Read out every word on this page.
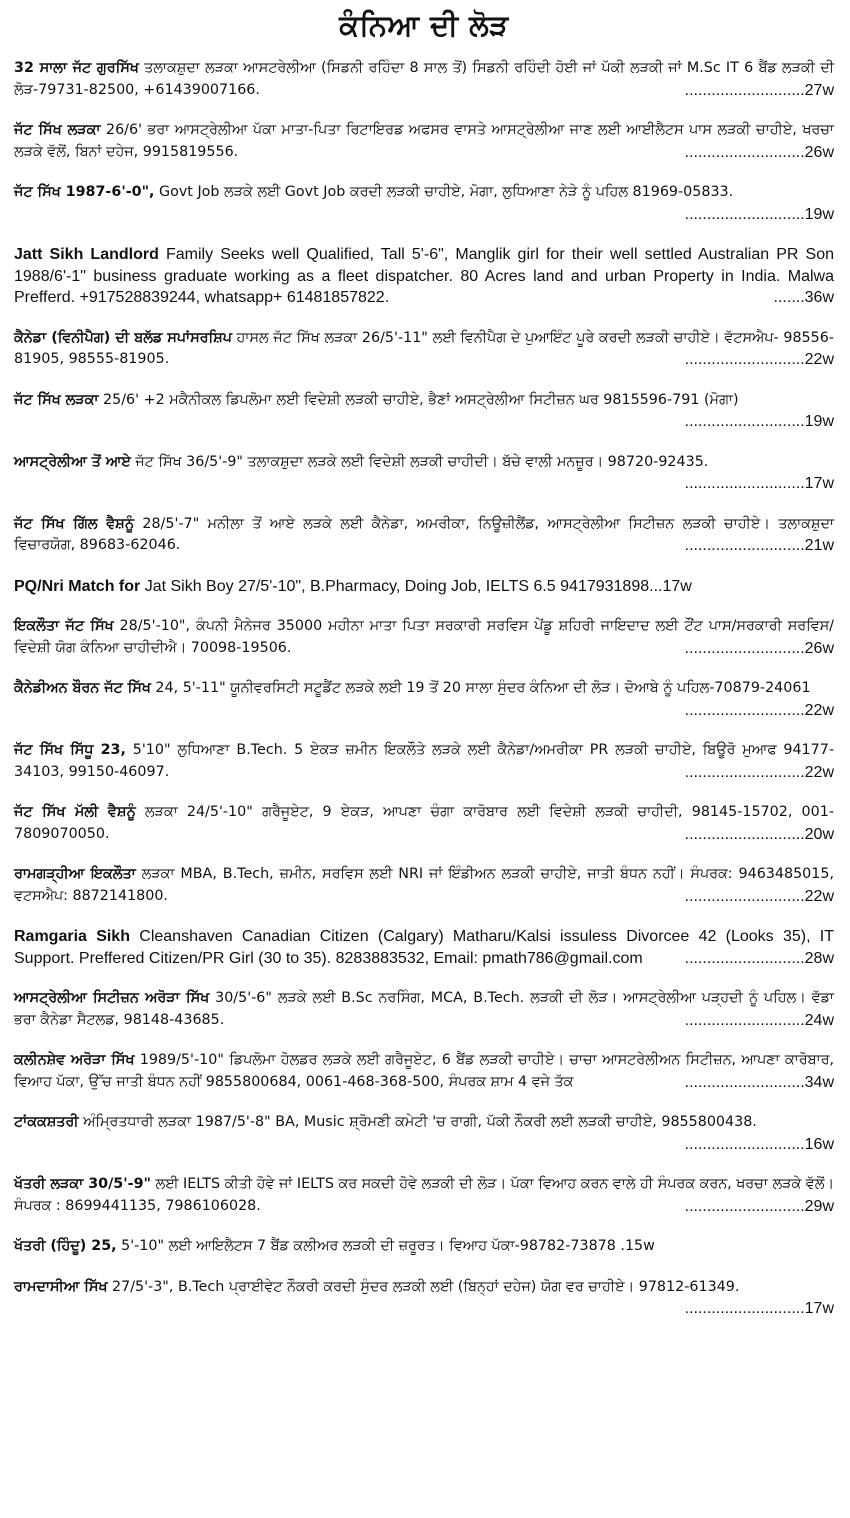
ਕੰਨਿਆ ਦੀ ਲੋੜ
32 ਸਾਲਾ ਜੱਟ ਗੁਰਸਿੱਖ ਤਲਾਕਸ਼ੁਦਾ ਲੜਕਾ ਆਸਟਰੇਲੀਆ (ਸਿਡਨੀ ਰਹਿੰਦਾ 8 ਸਾਲ ਤੋਂ) ਸਿਡਨੀ ਰਹਿੰਦੀ ਹੋਈ ਜਾਂ ਪੱਕੀ ਲੜਕੀ ਜਾਂ M.Sc IT 6 ਬੈਂਡ ਲੜਕੀ ਦੀ ਲੋੜ-79731-82500, +61439007166.	...........................27w
ਜੱਟ ਸਿੱਖ ਲੜਕਾ 26/6' ਭਰਾ ਆਸਟ੍ਰੇਲੀਆ ਪੱਕਾ ਮਾਤਾ-ਪਿਤਾ ਰਿਟਾਇਰਡ ਅਫਸਰ ਵਾਸਤੇ ਆਸਟ੍ਰੇਲੀਆ ਜਾਣ ਲਈ ਆਈਲੈਟਸ ਪਾਸ ਲੜਕੀ ਚਾਹੀਏ, ਖਰਚਾ ਲੜਕੇ ਵੱਲੋਂ, ਬਿਨਾਂ ਦਹੇਜ, 9915819556.	...........................26w
ਜੱਟ ਸਿੱਖ 1987-6'-0", Govt Job ਲੜਕੇ ਲਈ Govt Job ਕਰਦੀ ਲੜਕੀ ਚਾਹੀਏ, ਮੋਗਾ, ਲੁਧਿਆਣਾ ਨੇੜੇ ਨੂੰ ਪਹਿਲ 81969-05833.
...........................19w
Jatt Sikh Landlord Family Seeks well Qualified, Tall 5'-6", Manglik girl for their well settled Australian PR Son 1988/6'-1" business graduate working as a fleet dispatcher. 80 Acres land and urban Property in India. Malwa Prefferd. +917528839244, whatsapp+ 61481857822.	.......36w
ਕੈਨੇਡਾ (ਵਿਨੀਪੈਗ) ਦੀ ਬਲੱਡ ਸਪਾਂਸਰਸ਼ਿਪ ਹਾਸਲ ਜੱਟ ਸਿੱਖ ਲੜਕਾ 26/5'-11" ਲਈ ਵਿਨੀਪੈਗ ਦੇ ਪੁਆਇੰਟ ਪੂਰੇ ਕਰਦੀ ਲੜਕੀ ਚਾਹੀਏ। ਵੱਟਸਐਪ- 98556-81905, 98555-81905.	...........................22w
ਜੱਟ ਸਿੱਖ ਲੜਕਾ 25/6' +2 ਮਕੈਨੀਕਲ ਡਿਪਲੋਮਾ ਲਈ ਵਿਦੇਸ਼ੀ ਲੜਕੀ ਚਾਹੀਏ, ਭੈਣਾਂ ਅਸਟ੍ਰੇਲੀਆ ਸਿਟੀਜ਼ਨ ਘਰ 9815596-791 (ਮੋਗਾ)
...........................19w
ਆਸਟ੍ਰੇਲੀਆ ਤੋਂ ਆਏ ਜੱਟ ਸਿੱਖ 36/5'-9" ਤਲਾਕਸ਼ੁਦਾ ਲੜਕੇ ਲਈ ਵਿਦੇਸ਼ੀ ਲੜਕੀ ਚਾਹੀਦੀ। ਬੱਚੇ ਵਾਲੀ ਮਨਜ਼ੂਰ। 98720-92435.
...........................17w
ਜੱਟ ਸਿੱਖ ਗਿੱਲ ਵੈਸ਼ਨੂੰ 28/5'-7" ਮਨੀਲਾ ਤੋਂ ਆਏ ਲੜਕੇ ਲਈ ਕੈਨੇਡਾ, ਅਮਰੀਕਾ, ਨਿਊਜ਼ੀਲੈਂਡ, ਆਸਟ੍ਰੇਲੀਆ ਸਿਟੀਜ਼ਨ ਲੜਕੀ ਚਾਹੀਏ। ਤਲਾਕਸ਼ੁਦਾ ਵਿਚਾਰਯੋਗ, 89683-62046.	...........................21w
PQ/Nri Match for Jat Sikh Boy 27/5'-10", B.Pharmacy, Doing Job, IELTS 6.5 9417931898...17w
ਇਕਲੌਤਾ ਜੱਟ ਸਿੱਖ 28/5'-10", ਕੰਪਨੀ ਮੈਨੇਜਰ 35000 ਮਹੀਨਾ ਮਾਤਾ ਪਿਤਾ ਸਰਕਾਰੀ ਸਰਵਿਸ ਪੇਂਡੂ ਸ਼ਹਿਰੀ ਜਾਇਦਾਦ ਲਈ ਟੌਂਟ ਪਾਸ/ਸਰਕਾਰੀ ਸਰਵਿਸ/ਵਿਦੇਸ਼ੀ ਯੋਗ ਕੰਨਿਆ ਚਾਹੀਦੀਐ। 70098-19506.	...........................26w
ਕੈਨੇਡੀਅਨ ਬੌਰਨ ਜੱਟ ਸਿੱਖ 24, 5'-11" ਯੂਨੀਵਰਸਿਟੀ ਸਟੂਡੈਂਟ ਲੜਕੇ ਲਈ 19 ਤੋਂ 20 ਸਾਲਾ ਸੁੰਦਰ ਕੰਨਿਆ ਦੀ ਲੋੜ। ਦੋਆਬੇ ਨੂੰ ਪਹਿਲ-70879-24061
...........................22w
ਜੱਟ ਸਿੱਖ ਸਿੱਧੂ 23, 5'10" ਲੁਧਿਆਣਾ B.Tech. 5 ਏਕੜ ਜ਼ਮੀਨ ਇਕਲੌਤੇ ਲੜਕੇ ਲਈ ਕੈਨੇਡਾ/ਅਮਰੀਕਾ PR ਲੜਕੀ ਚਾਹੀਏ, ਬਿਊਰੋ ਮੁਆਫ 94177-34103, 99150-46097.	...........................22w
ਜੱਟ ਸਿੱਖ ਮੱਲੀ ਵੈਸ਼ਨੂੰ ਲੜਕਾ 24/5'-10" ਗਰੈਜੂਏਟ, 9 ਏਕੜ, ਆਪਣਾ ਚੰਗਾ ਕਾਰੋਬਾਰ ਲਈ ਵਿਦੇਸ਼ੀ ਲੜਕੀ ਚਾਹੀਦੀ, 98145-15702, 001-7809070050.	...........................20w
ਰਾਮਗੜ੍ਹੀਆ ਇਕਲੌਤਾ ਲੜਕਾ MBA, B.Tech, ਜ਼ਮੀਨ, ਸਰਵਿਸ ਲਈ NRI ਜਾਂ ਇੰਡੀਅਨ ਲੜਕੀ ਚਾਹੀਏ, ਜਾਤੀ ਬੰਧਨ ਨਹੀਂ। ਸੰਪਰਕ: 9463485015, ਵਟਸਐਪ: 8872141800.	...........................22w
Ramgaria Sikh Cleanshaven Canadian Citizen (Calgary) Matharu/Kalsi issuless Divorcee 42 (Looks 35), IT Support. Preffered Citizen/PR Girl (30 to 35). 8283883532, Email: pmath786@gmail.com	...........................28w
ਆਸਟ੍ਰੇਲੀਆ ਸਿਟੀਜ਼ਨ ਅਰੋੜਾ ਸਿੱਖ 30/5'-6" ਲੜਕੇ ਲਈ B.Sc ਨਰਸਿੰਗ, MCA, B.Tech. ਲੜਕੀ ਦੀ ਲੋੜ। ਆਸਟ੍ਰੇਲੀਆ ਪੜ੍ਹਦੀ ਨੂੰ ਪਹਿਲ। ਵੱਡਾ ਭਰਾ ਕੈਨੇਡਾ ਸੈਟਲਡ, 98148-43685.	...........................24w
ਕਲੀਨਸ਼ੇਵ ਅਰੋੜਾ ਸਿੱਖ 1989/5'-10" ਡਿਪਲੋਮਾ ਹੋਲਡਰ ਲੜਕੇ ਲਈ ਗਰੈਜੂਏਟ, 6 ਬੈਂਡ ਲੜਕੀ ਚਾਹੀਏ। ਚਾਚਾ ਆਸਟਰੇਲੀਅਨ ਸਿਟੀਜ਼ਨ, ਆਪਣਾ ਕਾਰੋਬਾਰ, ਵਿਆਹ ਪੱਕਾ, ਉੱਚ ਜਾਤੀ ਬੰਧਨ ਨਹੀਂ 9855800684, 0061-468-368-500, ਸੰਪਰਕ ਸ਼ਾਮ 4 ਵਜੇ ਤੱਕ	...........................34w
ਟਾਂਕਕਸ਼ਤਰੀ ਅੰਮ੍ਰਿਤਧਾਰੀ ਲੜਕਾ 1987/5'-8" BA, Music ਸ਼੍ਰੋਮਣੀ ਕਮੇਟੀ 'ਚ ਰਾਗੀ, ਪੱਕੀ ਨੌਕਰੀ ਲਈ ਲੜਕੀ ਚਾਹੀਏ, 9855800438.
...........................16w
ਖੱਤਰੀ ਲੜਕਾ 30/5'-9" ਲਈ IELTS ਕੀਤੀ ਹੋਵੇ ਜਾਂ IELTS ਕਰ ਸਕਦੀ ਹੋਵੇ ਲੜਕੀ ਦੀ ਲੋੜ। ਪੱਕਾ ਵਿਆਹ ਕਰਨ ਵਾਲੇ ਹੀ ਸੰਪਰਕ ਕਰਨ, ਖਰਚਾ ਲੜਕੇ ਵੱਲੋਂ। ਸੰਪਰਕ : 8699441135, 7986106028.	...........................29w
ਖੱਤਰੀ (ਹਿੰਦੂ) 25, 5'-10" ਲਈ ਆਇਲੈਟਸ 7 ਬੈਂਡ ਕਲੀਅਰ ਲੜਕੀ ਦੀ ਜ਼ਰੂਰਤ। ਵਿਆਹ ਪੱਕਾ-98782-73878 .15w
ਰਾਮਦਾਸੀਆ ਸਿੱਖ 27/5'-3", B.Tech ਪ੍ਰਾਈਵੇਟ ਨੌਕਰੀ ਕਰਦੀ ਸੁੰਦਰ ਲੜਕੀ ਲਈ (ਬਿਨ੍ਹਾਂ ਦਹੇਜ) ਯੋਗ ਵਰ ਚਾਹੀਏ। 97812-61349.
...........................17w
